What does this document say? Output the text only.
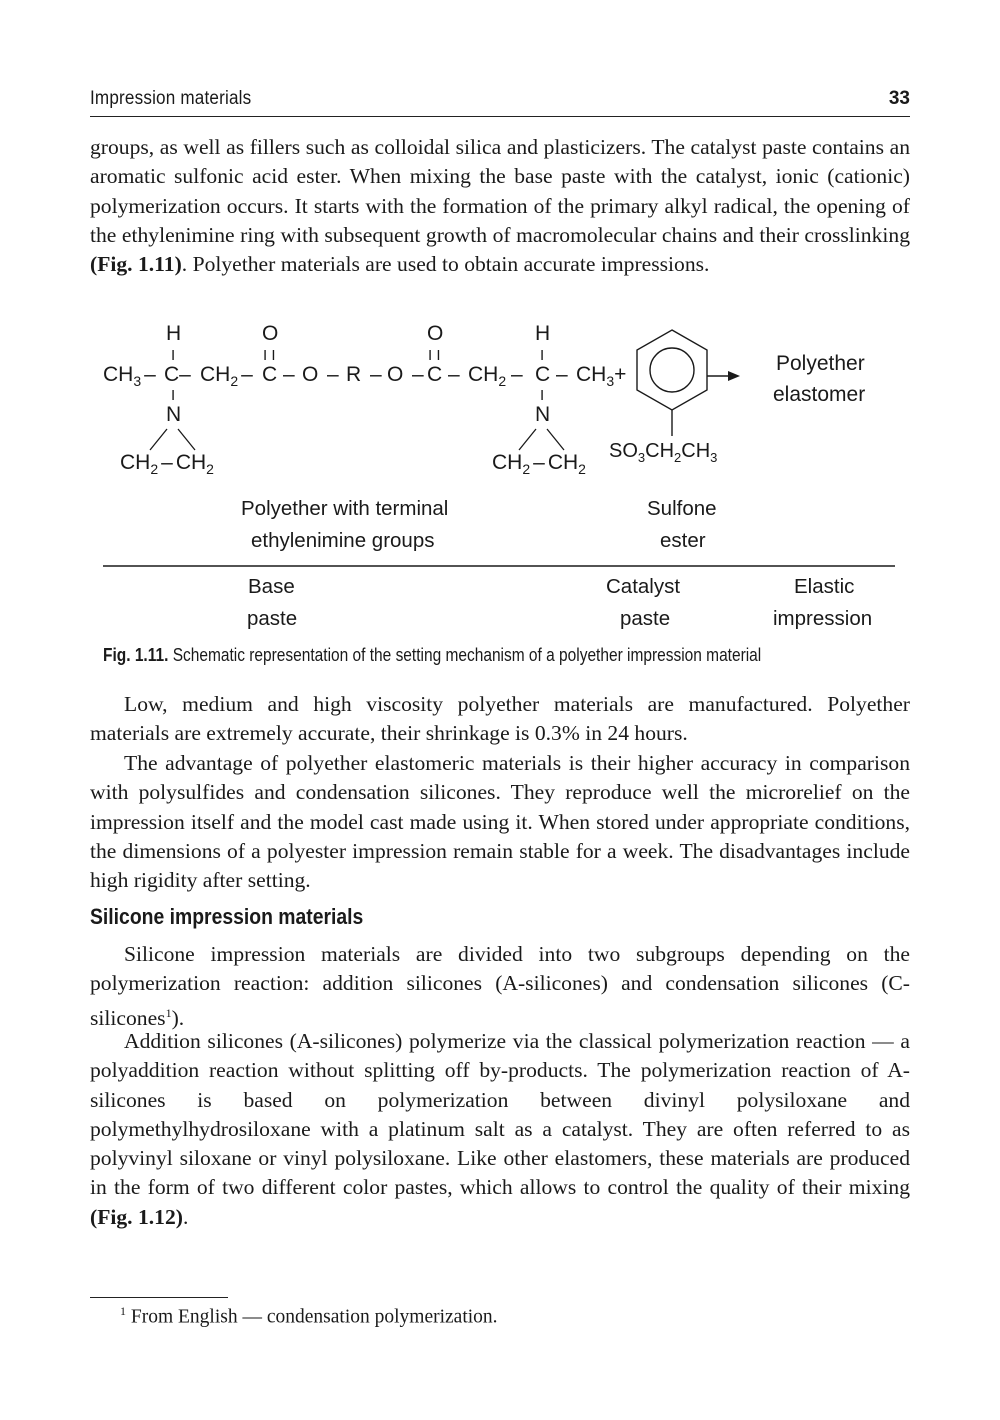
Impression materials	33

groups, as well as fillers such as colloidal silica and plasticizers. The catalyst paste contains an aromatic sulfonic acid ester. When mixing the base paste with the catalyst, ionic (cationic) polymerization occurs. It starts with the formation of the primary alkyl radical, the opening of the ethylenimine ring with subsequent growth of macromolecular chains and their crosslinking (Fig. 1.11). Polyether materials are used to obtain accurate impressions.

H	O	O	H
I	I I	I I	I
$CH_3 - C-$ $CH_2 - C - O - R - O - C - CH_2 - C - CH_3+$
I	I
N	N
$CH_2 - CH_2$	$CH_2 - CH_2$
$SO_3CH_2CH_3$
Polyether
elastomer
Polyether with terminal
ethylenimine groups
Sulfone
ester
Base
paste
Catalyst
paste
Elastic
impression

Fig. 1.11. Schematic representation of the setting mechanism of a polyether impression material

Low, medium and high viscosity polyether materials are manufactured. Polyether materials are extremely accurate, their shrinkage is 0.3% in 24 hours.

The advantage of polyether elastomeric materials is their higher accuracy in comparison with polysulfides and condensation silicones. They reproduce well the microrelief on the impression itself and the model cast made using it. When stored under appropriate conditions, the dimensions of a polyester impression remain stable for a week. The disadvantages include high rigidity after setting.

Silicone impression materials

Silicone impression materials are divided into two subgroups depending on the polymerization reaction: addition silicones (A-silicones) and condensation silicones (C-silicones$^1$).

Addition silicones (A-silicones) polymerize via the classical polymerization reaction — a polyaddition reaction without splitting off by-products. The polymerization reaction of A-silicones is based on polymerization between divinyl polysiloxane and polymethylhydrosiloxane with a platinum salt as a catalyst. They are often referred to as polyvinyl siloxane or vinyl polysiloxane. Like other elastomers, these materials are produced in the form of two different color pastes, which allows to control the quality of their mixing (Fig. 1.12).

$^1$ From English — condensation polymerization.
